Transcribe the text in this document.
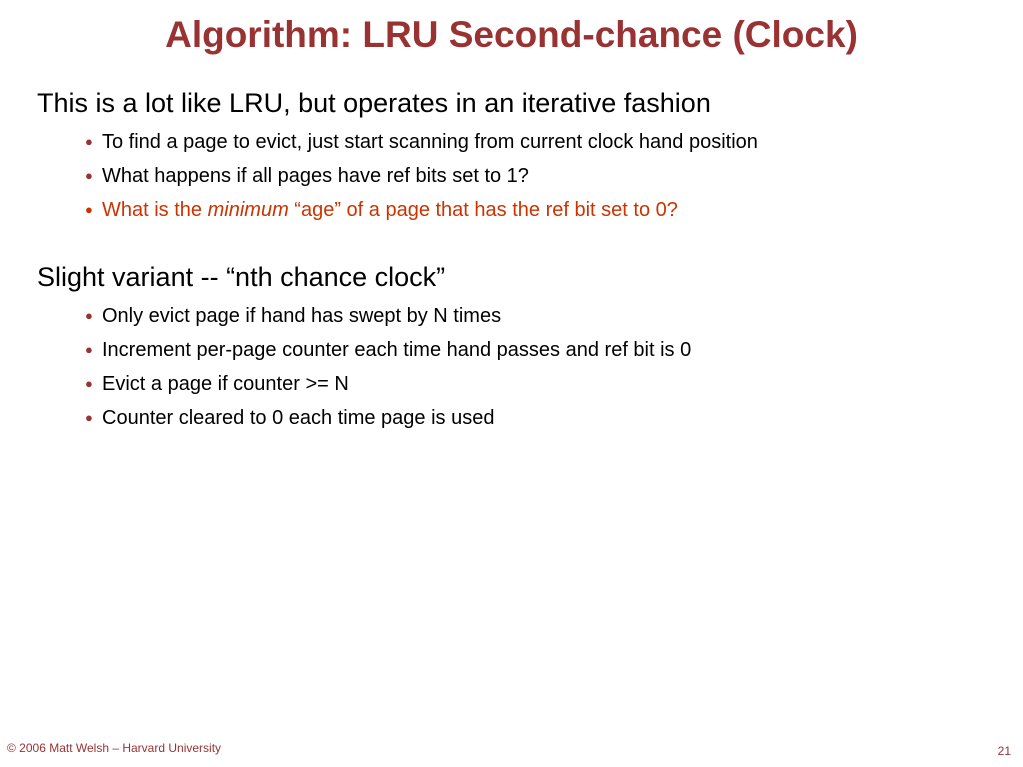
Algorithm: LRU Second-chance (Clock)
This is a lot like LRU, but operates in an iterative fashion
● To find a page to evict, just start scanning from current clock hand position
● What happens if all pages have ref bits set to 1?
● What is the minimum “age” of a page that has the ref bit set to 0?
Slight variant -- “nth chance clock”
● Only evict page if hand has swept by N times
● Increment per-page counter each time hand passes and ref bit is 0
● Evict a page if counter >= N
● Counter cleared to 0 each time page is used
© 2006 Matt Welsh – Harvard University	21
